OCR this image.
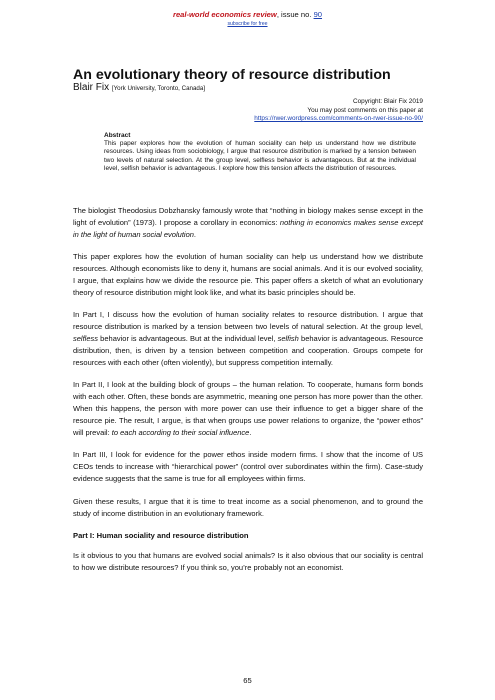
real-world economics review, issue no. 90
subscribe for free
An evolutionary theory of resource distribution
Blair Fix [York University, Toronto, Canada]
Copyright: Blair Fix 2019
You may post comments on this paper at
https://rwer.wordpress.com/comments-on-rwer-issue-no-90/
Abstract
This paper explores how the evolution of human sociality can help us understand how we distribute resources. Using ideas from sociobiology, I argue that resource distribution is marked by a tension between two levels of natural selection. At the group level, selfless behavior is advantageous. But at the individual level, selfish behavior is advantageous. I explore how this tension affects the distribution of resources.

The biologist Theodosius Dobzhansky famously wrote that “nothing in biology makes sense except in the light of evolution” (1973). I propose a corollary in economics: nothing in economics makes sense except in the light of human social evolution.

This paper explores how the evolution of human sociality can help us understand how we distribute resources. Although economists like to deny it, humans are social animals. And it is our evolved sociality, I argue, that explains how we divide the resource pie. This paper offers a sketch of what an evolutionary theory of resource distribution might look like, and what its basic principles should be.

In Part I, I discuss how the evolution of human sociality relates to resource distribution. I argue that resource distribution is marked by a tension between two levels of natural selection. At the group level, selfless behavior is advantageous. But at the individual level, selfish behavior is advantageous. Resource distribution, then, is driven by a tension between competition and cooperation. Groups compete for resources with each other (often violently), but suppress competition internally.

In Part II, I look at the building block of groups – the human relation. To cooperate, humans form bonds with each other. Often, these bonds are asymmetric, meaning one person has more power than the other. When this happens, the person with more power can use their influence to get a bigger share of the resource pie. The result, I argue, is that when groups use power relations to organize, the “power ethos” will prevail: to each according to their social influence.

In Part III, I look for evidence for the power ethos inside modern firms. I show that the income of US CEOs tends to increase with “hierarchical power” (control over subordinates within the firm). Case-study evidence suggests that the same is true for all employees within firms.

Given these results, I argue that it is time to treat income as a social phenomenon, and to ground the study of income distribution in an evolutionary framework.

Part I: Human sociality and resource distribution

Is it obvious to you that humans are evolved social animals? Is it also obvious that our sociality is central to how we distribute resources? If you think so, you’re probably not an economist.

65
